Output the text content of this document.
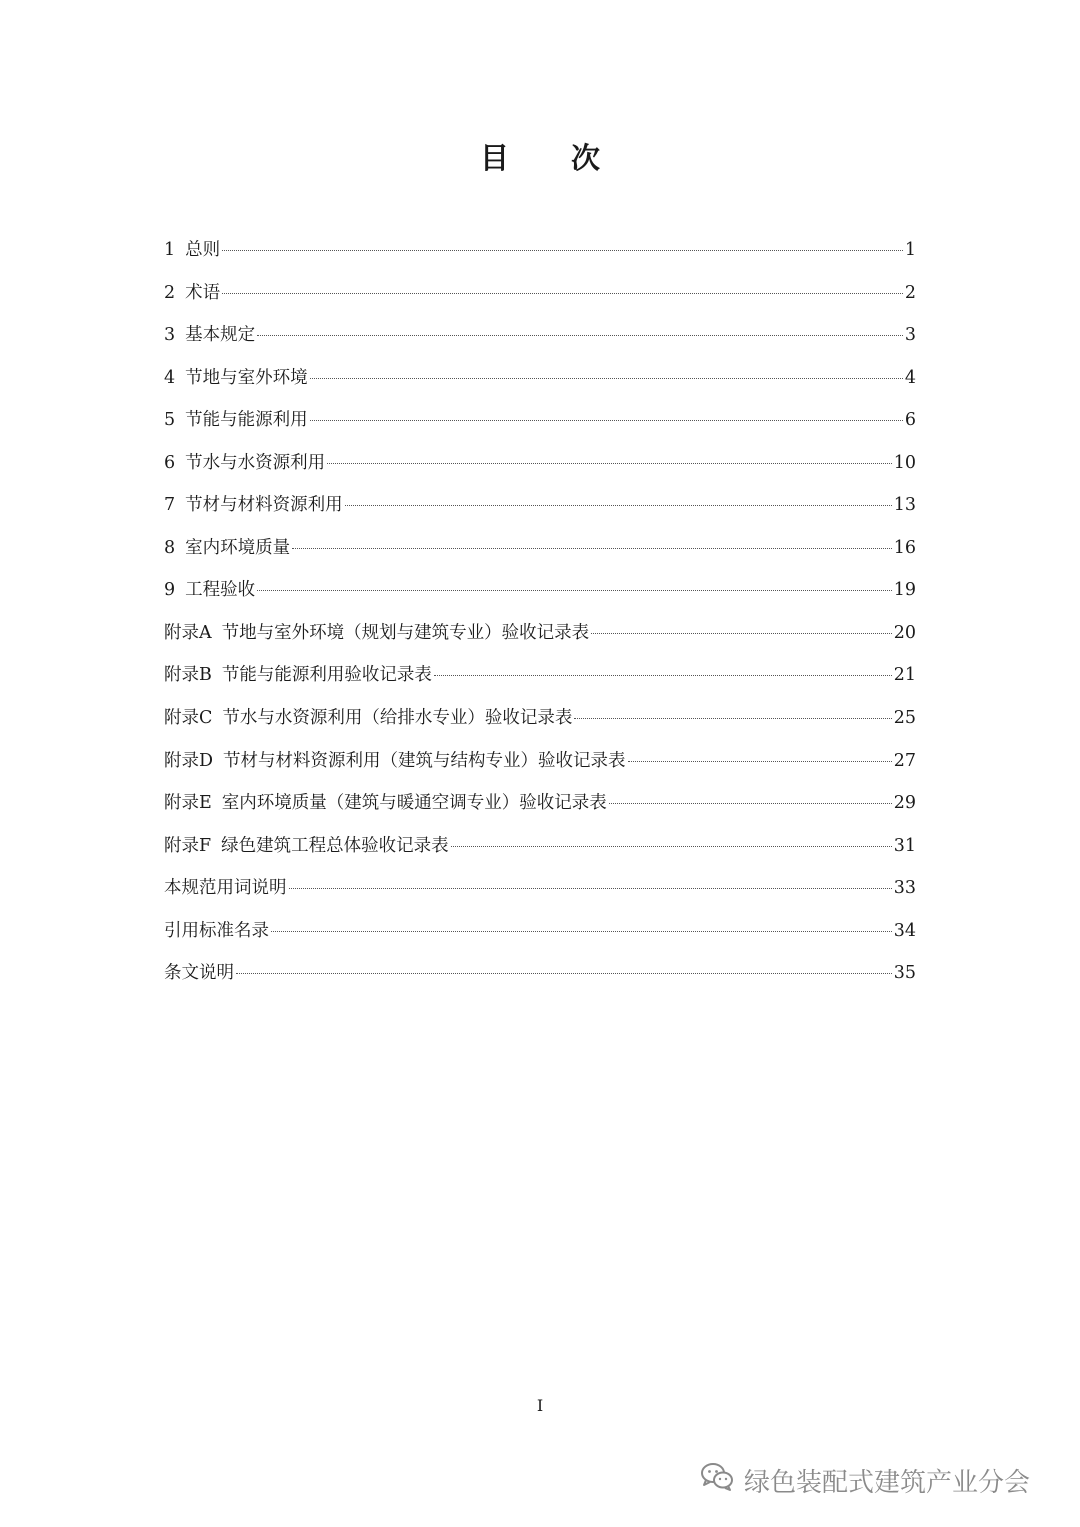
目 次
1 总则	1
2 术语	2
3 基本规定	3
4 节地与室外环境	4
5 节能与能源利用	6
6 节水与水资源利用	10
7 节材与材料资源利用	13
8 室内环境质量	16
9 工程验收	19
附录A 节地与室外环境（规划与建筑专业）验收记录表	20
附录B 节能与能源利用验收记录表	21
附录C 节水与水资源利用（给排水专业）验收记录表	25
附录D 节材与材料资源利用（建筑与结构专业）验收记录表	27
附录E 室内环境质量（建筑与暖通空调专业）验收记录表	29
附录F 绿色建筑工程总体验收记录表	31
本规范用词说明	33
引用标准名录	34
条文说明	35
I
绿色装配式建筑产业分会
